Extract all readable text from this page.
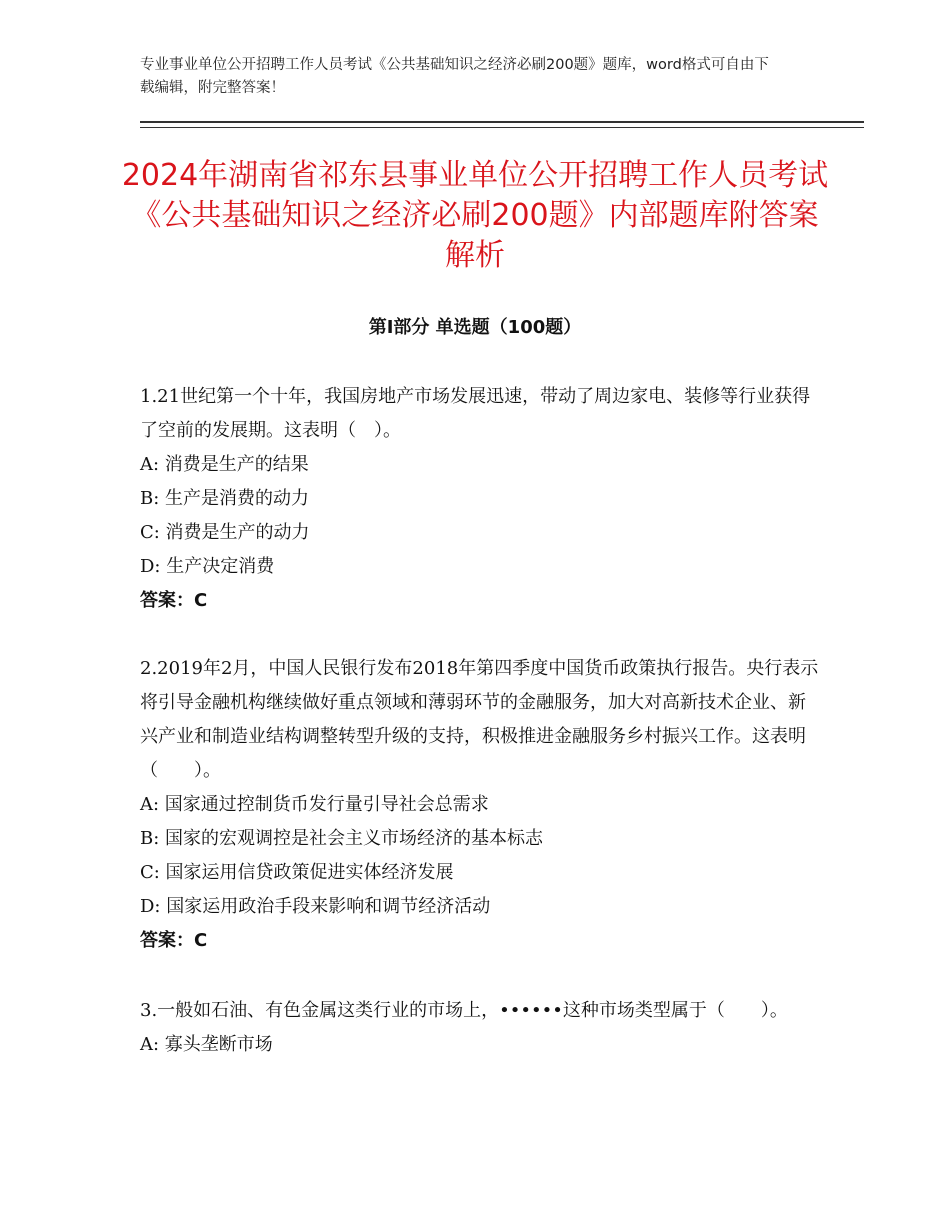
专业事业单位公开招聘工作人员考试《公共基础知识之经济必刷200题》题库，word格式可自由下载编辑，附完整答案！
2024年湖南省祁东县事业单位公开招聘工作人员考试《公共基础知识之经济必刷200题》内部题库附答案解析
第Ⅰ部分 单选题（100题）

1.21世纪第一个十年，我国房地产市场发展迅速，带动了周边家电、装修等行业获得了空前的发展期。这表明（　）。

A: 消费是生产的结果
B: 生产是消费的动力
C: 消费是生产的动力
D: 生产决定消费
答案：C

2.2019年2月，中国人民银行发布2018年第四季度中国货币政策执行报告。央行表示将引导金融机构继续做好重点领域和薄弱环节的金融服务，加大对高新技术企业、新兴产业和制造业结构调整转型升级的支持，积极推进金融服务乡村振兴工作。这表明（　　）。

A: 国家通过控制货币发行量引导社会总需求
B: 国家的宏观调控是社会主义市场经济的基本标志
C: 国家运用信贷政策促进实体经济发展
D: 国家运用政治手段来影响和调节经济活动
答案：C

3.一般如石油、有色金属这类行业的市场上，••••••这种市场类型属于（　　）。

A: 寡头垄断市场
